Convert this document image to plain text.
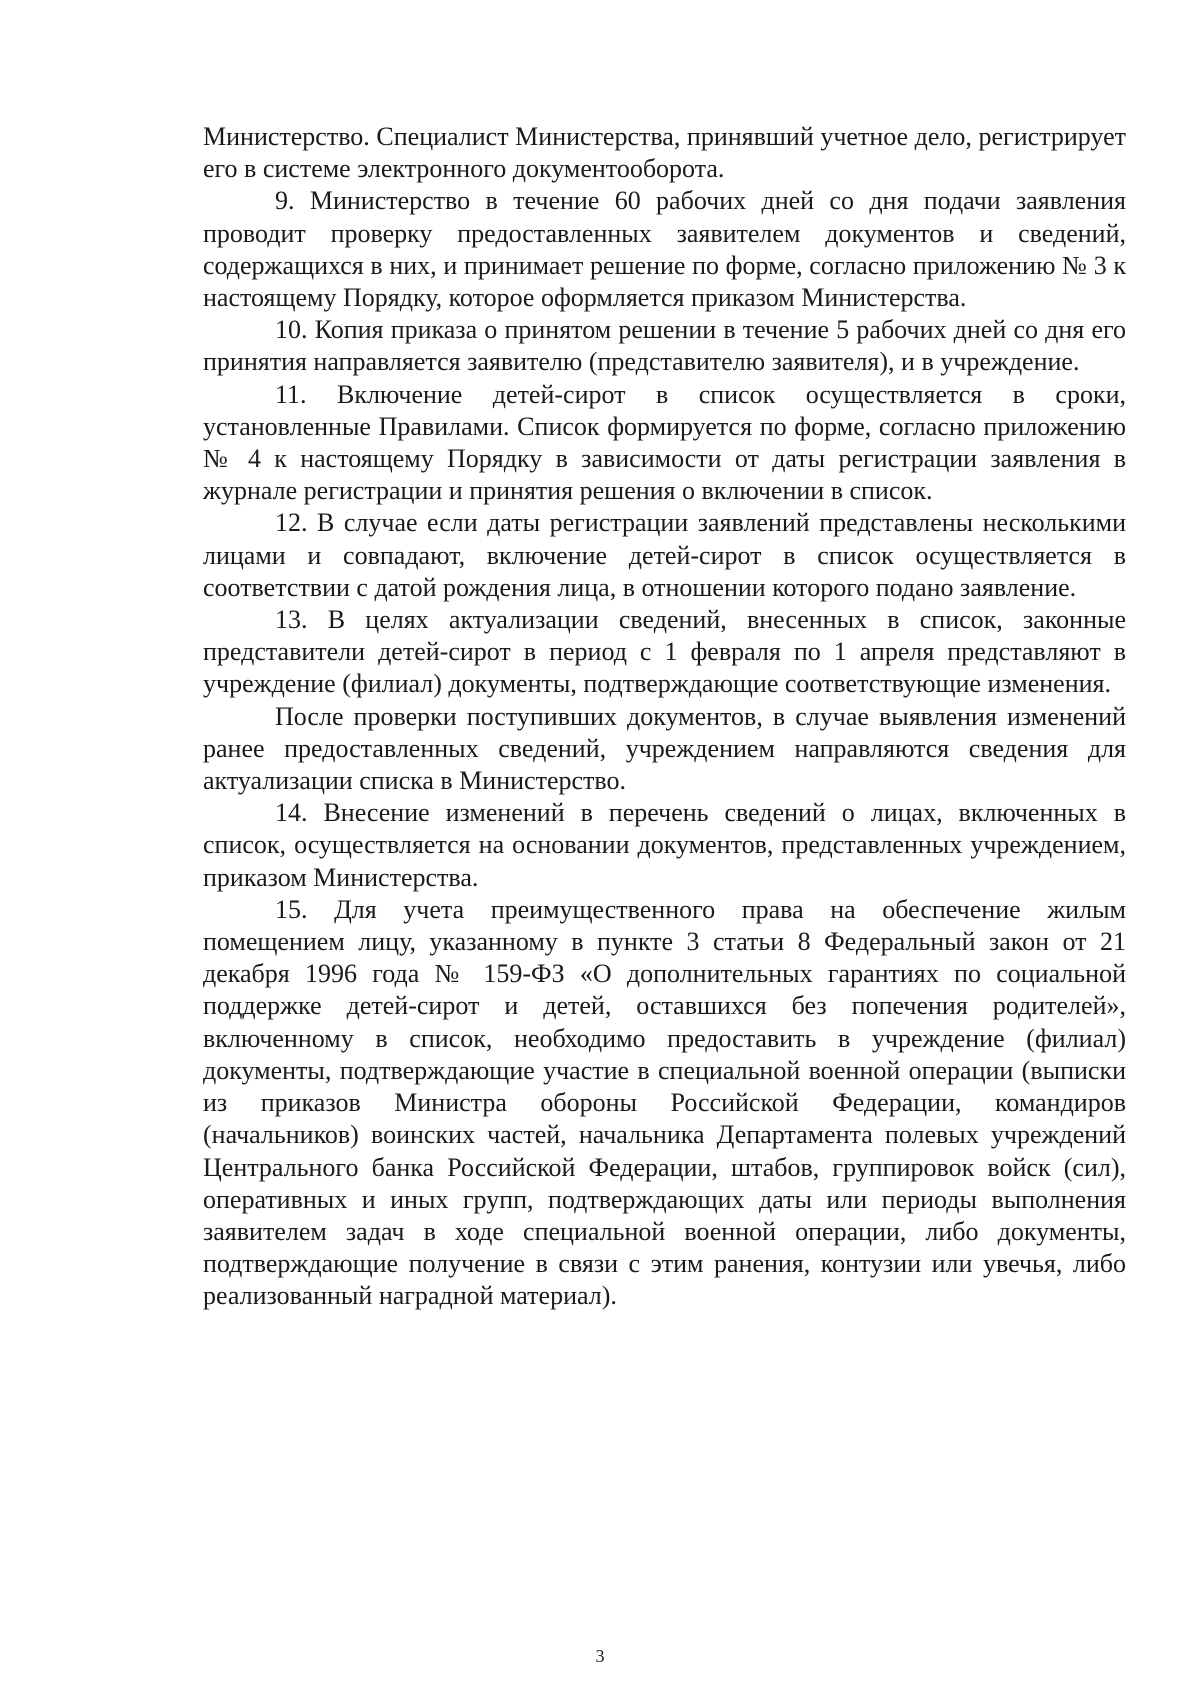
Министерство. Специалист Министерства, принявший учетное дело, регистрирует его в системе электронного документооборота.

9. Министерство в течение 60 рабочих дней со дня подачи заявления проводит проверку предоставленных заявителем документов и сведений, содержащихся в них, и принимает решение по форме, согласно приложению № 3 к настоящему Порядку, которое оформляется приказом Министерства.

10. Копия приказа о принятом решении в течение 5 рабочих дней со дня его принятия направляется заявителю (представителю заявителя), и в учреждение.

11. Включение детей-сирот в список осуществляется в сроки, установленные Правилами. Список формируется по форме, согласно приложению № 4 к настоящему Порядку в зависимости от даты регистрации заявления в журнале регистрации и принятия решения о включении в список.

12. В случае если даты регистрации заявлений представлены несколькими лицами и совпадают, включение детей-сирот в список осуществляется в соответствии с датой рождения лица, в отношении которого подано заявление.

13. В целях актуализации сведений, внесенных в список, законные представители детей-сирот в период с 1 февраля по 1 апреля представляют в учреждение (филиал) документы, подтверждающие соответствующие изменения.

После проверки поступивших документов, в случае выявления изменений ранее предоставленных сведений, учреждением направляются сведения для актуализации списка в Министерство.

14. Внесение изменений в перечень сведений о лицах, включенных в список, осуществляется на основании документов, представленных учреждением, приказом Министерства.

15. Для учета преимущественного права на обеспечение жилым помещением лицу, указанному в пункте 3 статьи 8 Федеральный закон от 21 декабря 1996 года № 159-ФЗ «О дополнительных гарантиях по социальной поддержке детей-сирот и детей, оставшихся без попечения родителей», включенному в список, необходимо предоставить в учреждение (филиал) документы, подтверждающие участие в специальной военной операции (выписки из приказов Министра обороны Российской Федерации, командиров (начальников) воинских частей, начальника Департамента полевых учреждений Центрального банка Российской Федерации, штабов, группировок войск (сил), оперативных и иных групп, подтверждающих даты или периоды выполнения заявителем задач в ходе специальной военной операции, либо документы, подтверждающие получение в связи с этим ранения, контузии или увечья, либо реализованный наградной материал).

3
